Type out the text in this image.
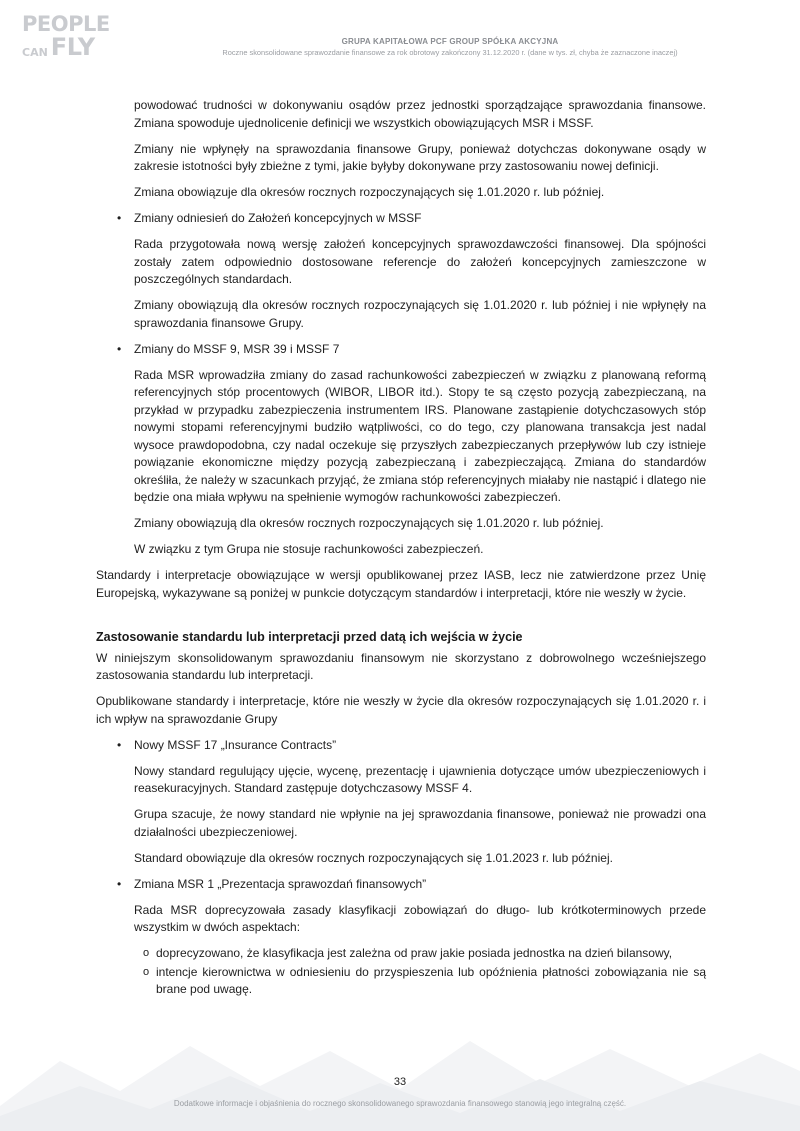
PEOPLE
CAN FLY	GRUPA KAPITAŁOWA PCF GROUP SPÓŁKA AKCYJNA
Roczne skonsolidowane sprawozdanie finansowe za rok obrotowy zakończony 31.12.2020 r. (dane w tys. zł, chyba że zaznaczone inaczej)

powodować trudności w dokonywaniu osądów przez jednostki sporządzające sprawozdania finansowe. Zmiana spowoduje ujednolicenie definicji we wszystkich obowiązujących MSR i MSSF.

Zmiany nie wpłynęły na sprawozdania finansowe Grupy, ponieważ dotychczas dokonywane osądy w zakresie istotności były zbieżne z tymi, jakie byłyby dokonywane przy zastosowaniu nowej definicji.

Zmiana obowiązuje dla okresów rocznych rozpoczynających się 1.01.2020 r. lub później.

• Zmiany odniesień do Założeń koncepcyjnych w MSSF

Rada przygotowała nową wersję założeń koncepcyjnych sprawozdawczości finansowej. Dla spójności zostały zatem odpowiednio dostosowane referencje do założeń koncepcyjnych zamieszczone w poszczególnych standardach.

Zmiany obowiązują dla okresów rocznych rozpoczynających się 1.01.2020 r. lub później i nie wpłynęły na sprawozdania finansowe Grupy.

• Zmiany do MSSF 9, MSR 39 i MSSF 7

Rada MSR wprowadziła zmiany do zasad rachunkowości zabezpieczeń w związku z planowaną reformą referencyjnych stóp procentowych (WIBOR, LIBOR itd.). Stopy te są często pozycją zabezpieczaną, na przykład w przypadku zabezpieczenia instrumentem IRS. Planowane zastąpienie dotychczasowych stóp nowymi stopami referencyjnymi budziło wątpliwości, co do tego, czy planowana transakcja jest nadal wysoce prawdopodobna, czy nadal oczekuje się przyszłych zabezpieczanych przepływów lub czy istnieje powiązanie ekonomiczne między pozycją zabezpieczaną i zabezpieczającą. Zmiana do standardów określiła, że należy w szacunkach przyjąć, że zmiana stóp referencyjnych miałaby nie nastąpić i dlatego nie będzie ona miała wpływu na spełnienie wymogów rachunkowości zabezpieczeń.

Zmiany obowiązują dla okresów rocznych rozpoczynających się 1.01.2020 r. lub później.

W związku z tym Grupa nie stosuje rachunkowości zabezpieczeń.

Standardy i interpretacje obowiązujące w wersji opublikowanej przez IASB, lecz nie zatwierdzone przez Unię Europejską, wykazywane są poniżej w punkcie dotyczącym standardów i interpretacji, które nie weszły w życie.

Zastosowanie standardu lub interpretacji przed datą ich wejścia w życie

W niniejszym skonsolidowanym sprawozdaniu finansowym nie skorzystano z dobrowolnego wcześniejszego zastosowania standardu lub interpretacji.

Opublikowane standardy i interpretacje, które nie weszły w życie dla okresów rozpoczynających się 1.01.2020 r. i ich wpływ na sprawozdanie Grupy

• Nowy MSSF 17 „Insurance Contracts”

Nowy standard regulujący ujęcie, wycenę, prezentację i ujawnienia dotyczące umów ubezpieczeniowych i reasekuracyjnych. Standard zastępuje dotychczasowy MSSF 4.

Grupa szacuje, że nowy standard nie wpłynie na jej sprawozdania finansowe, ponieważ nie prowadzi ona działalności ubezpieczeniowej.

Standard obowiązuje dla okresów rocznych rozpoczynających się 1.01.2023 r. lub później.

• Zmiana MSR 1 „Prezentacja sprawozdań finansowych”

Rada MSR doprecyzowała zasady klasyfikacji zobowiązań do długo- lub krótkoterminowych przede wszystkim w dwóch aspektach:

o doprecyzowano, że klasyfikacja jest zależna od praw jakie posiada jednostka na dzień bilansowy,

o intencje kierownictwa w odniesieniu do przyspieszenia lub opóźnienia płatności zobowiązania nie są brane pod uwagę.

33
Dodatkowe informacje i objaśnienia do rocznego skonsolidowanego sprawozdania finansowego stanowią jego integralną część.
